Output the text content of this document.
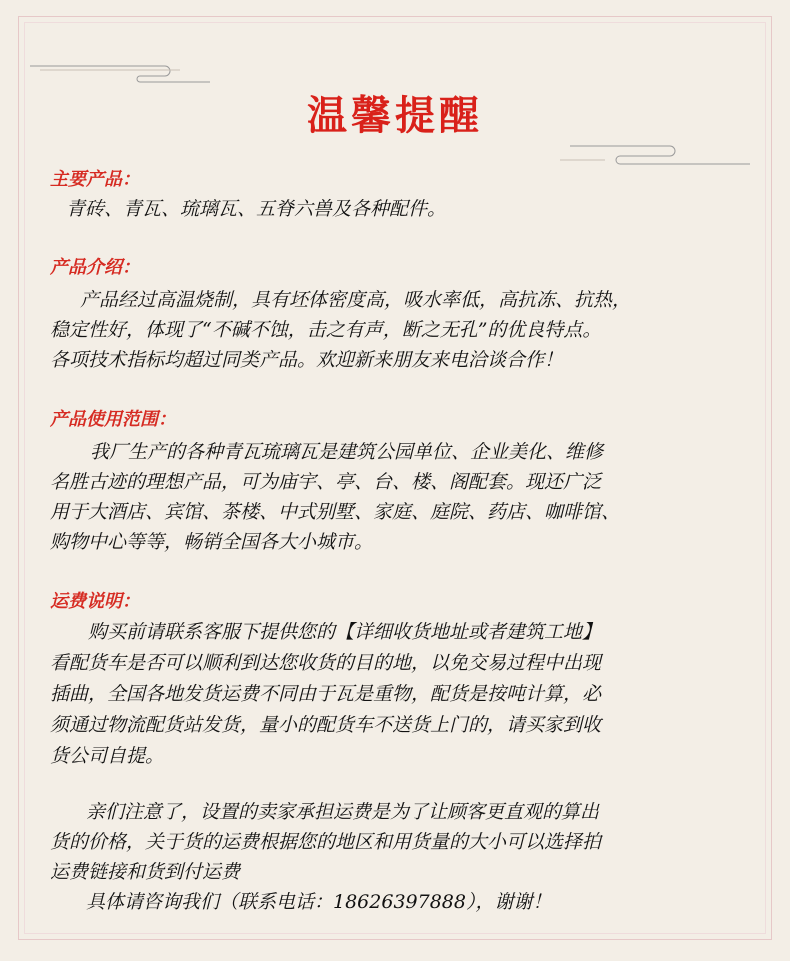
温馨提醒
主要产品：
青砖、青瓦、琉璃瓦、五脊六兽及各种配件。
产品介绍：
产品经过高温烧制，具有坯体密度高，吸水率低，高抗冻、抗热，
稳定性好，体现了“不碱不蚀，击之有声，断之无孔”的优良特点。
各项技术指标均超过同类产品。欢迎新来朋友来电洽谈合作！
产品使用范围：
我厂生产的各种青瓦琉璃瓦是建筑公园单位、企业美化、维修
名胜古迹的理想产品，可为庙宇、亭、台、楼、阁配套。现还广泛
用于大酒店、宾馆、茶楼、中式别墅、家庭、庭院、药店、咖啡馆、
购物中心等等，畅销全国各大小城市。
运费说明：
购买前请联系客服下提供您的【详细收货地址或者建筑工地】
看配货车是否可以顺利到达您收货的目的地，以免交易过程中出现
插曲，全国各地发货运费不同由于瓦是重物，配货是按吨计算，必
须通过物流配货站发货，量小的配货车不送货上门的，请买家到收
货公司自提。
亲们注意了，设置的卖家承担运费是为了让顾客更直观的算出
货的价格，关于货的运费根据您的地区和用货量的大小可以选择拍
运费链接和货到付运费
具体请咨询我们（联系电话：18626397888），谢谢！
